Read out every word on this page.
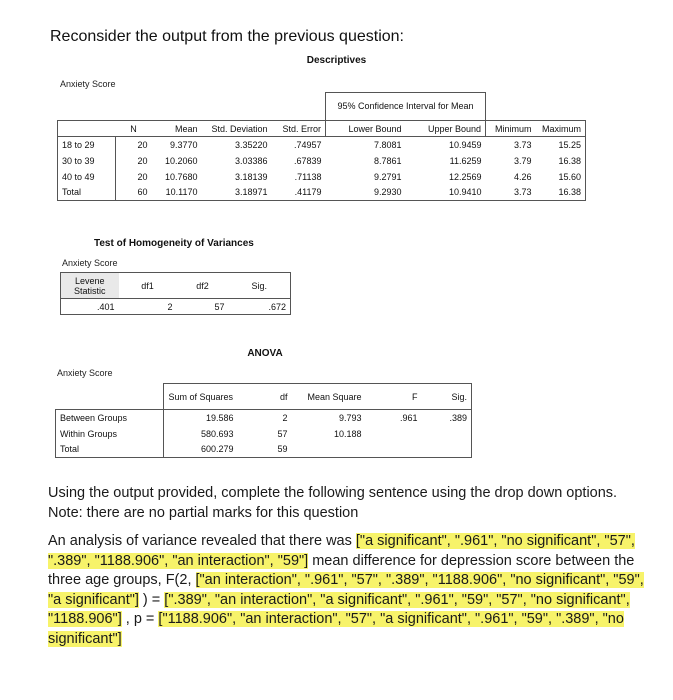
Reconsider the output from the previous question:
Descriptives
Anxiety Score
					95% Confidence Interval for Mean			
	N	Mean	Std. Deviation	Std. Error	Lower Bound	Upper Bound	Minimum	Maximum
18 to 29	20	9.3770	3.35220	.74957	7.8081	10.9459	3.73	15.25
30 to 39	20	10.2060	3.03386	.67839	8.7861	11.6259	3.79	16.38
40 to 49	20	10.7680	3.18139	.71138	9.2791	12.2569	4.26	15.60
Total	60	10.1170	3.18971	.41179	9.2930	10.9410	3.73	16.38
Test of Homogeneity of Variances
Anxiety Score
Levene Statistic	df1	df2	Sig.
.401	2	57	.672
ANOVA
Anxiety Score
	Sum of Squares	df	Mean Square	F	Sig.
Between Groups	19.586	2	9.793	.961	.389
Within Groups	580.693	57	10.188		
Total	600.279	59			
Using the output provided, complete the following sentence using the drop down options. Note: there are no partial marks for this question
An analysis of variance revealed that there was ["a significant", ".961", "no significant", "57", ".389", "1188.906", "an interaction", "59"] mean difference for depression score between the three age groups, F(2, ["an interaction", ".961", "57", ".389", "1188.906", "no significant", "59", "a significant"] ) = [".389", "an interaction", "a significant", ".961", "59", "57", "no significant", "1188.906"] , p = ["1188.906", "an interaction", "57", "a significant", ".961", "59", ".389", "no significant"]
